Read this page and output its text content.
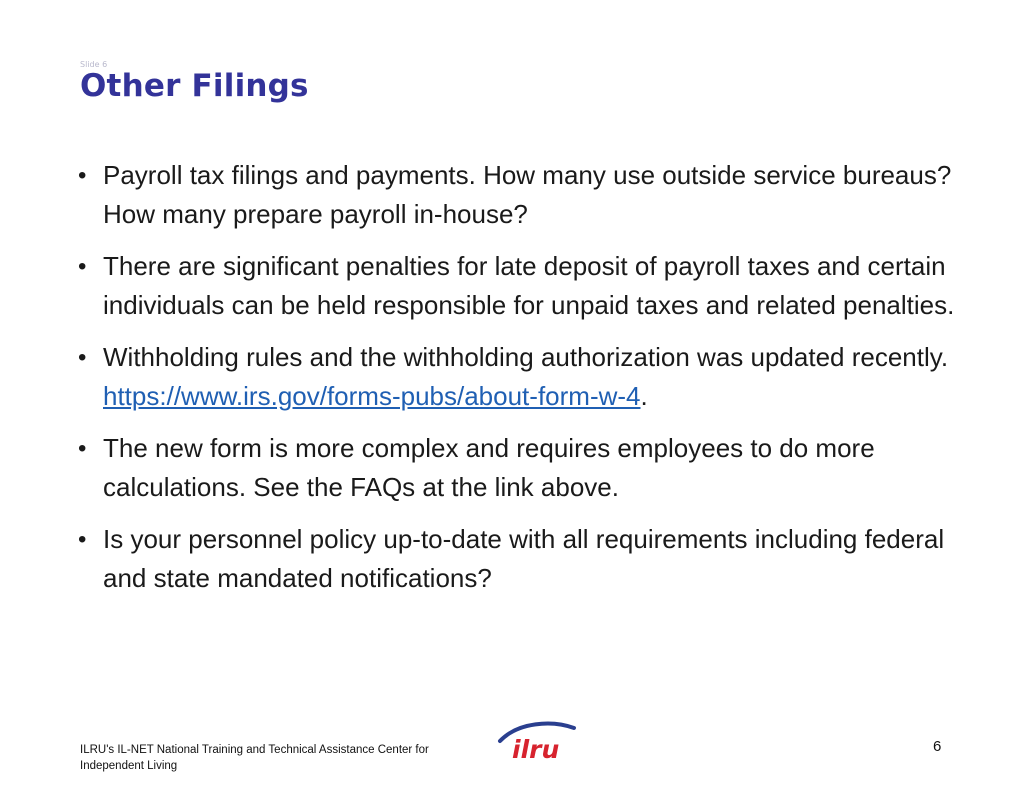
Slide 6
Other Filings
• Payroll tax filings and payments. How many use outside service bureaus? How many prepare payroll in-house?
• There are significant penalties for late deposit of payroll taxes and certain individuals can be held responsible for unpaid taxes and related penalties.
• Withholding rules and the withholding authorization was updated recently. https://www.irs.gov/forms-pubs/about-form-w-4.
• The new form is more complex and requires employees to do more calculations. See the FAQs at the link above.
• Is your personnel policy up-to-date with all requirements including federal and state mandated notifications?
ILRU's IL-NET National Training and Technical Assistance Center for Independent Living
ilru	6
